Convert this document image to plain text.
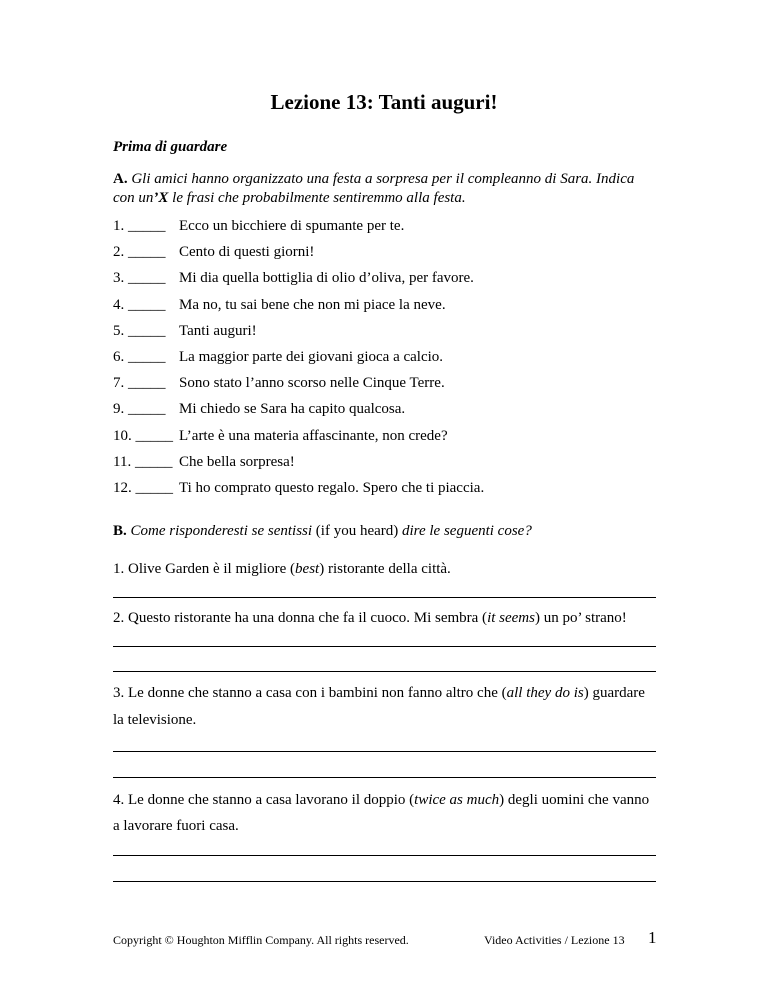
Lezione 13: Tanti auguri!
Prima di guardare
A. Gli amici hanno organizzato una festa a sorpresa per il compleanno di Sara. Indica con un’X le frasi che probabilmente sentiremmo alla festa.
1. _____ Ecco un bicchiere di spumante per te.
2. _____ Cento di questi giorni!
3. _____ Mi dia quella bottiglia di olio d’oliva, per favore.
4. _____ Ma no, tu sai bene che non mi piace la neve.
5. _____ Tanti auguri!
6. _____ La maggior parte dei giovani gioca a calcio.
7. _____ Sono stato l’anno scorso nelle Cinque Terre.
9. _____ Mi chiedo se Sara ha capito qualcosa.
10. _____ L’arte è una materia affascinante, non crede?
11. _____ Che bella sorpresa!
12. _____ Ti ho comprato questo regalo. Spero che ti piaccia.
B. Come risponderesti se sentissi (if you heard) dire le seguenti cose?
1. Olive Garden è il migliore (best) ristorante della città.
2. Questo ristorante ha una donna che fa il cuoco. Mi sembra (it seems) un po’ strano!
3. Le donne che stanno a casa con i bambini non fanno altro che (all they do is) guardare
la televisione.
4. Le donne che stanno a casa lavorano il doppio (twice as much) degli uomini che vanno
a lavorare fuori casa.
Copyright © Houghton Mifflin Company. All rights reserved.	Video Activities / Lezione 13 1
